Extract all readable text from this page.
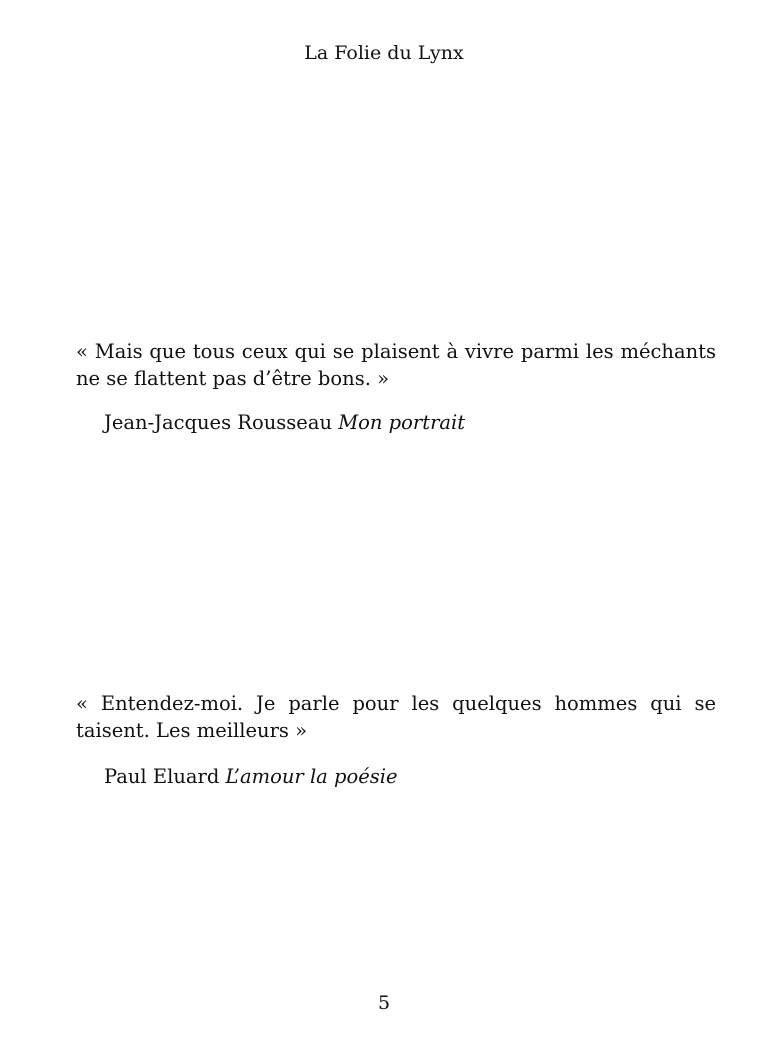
La Folie du Lynx

« Mais que tous ceux qui se plaisent à vivre parmi les méchants ne se flattent pas d’être bons. »

Jean-Jacques Rousseau Mon portrait

« Entendez-moi. Je parle pour les quelques hommes qui se taisent. Les meilleurs »

Paul Eluard L’amour la poésie
5
